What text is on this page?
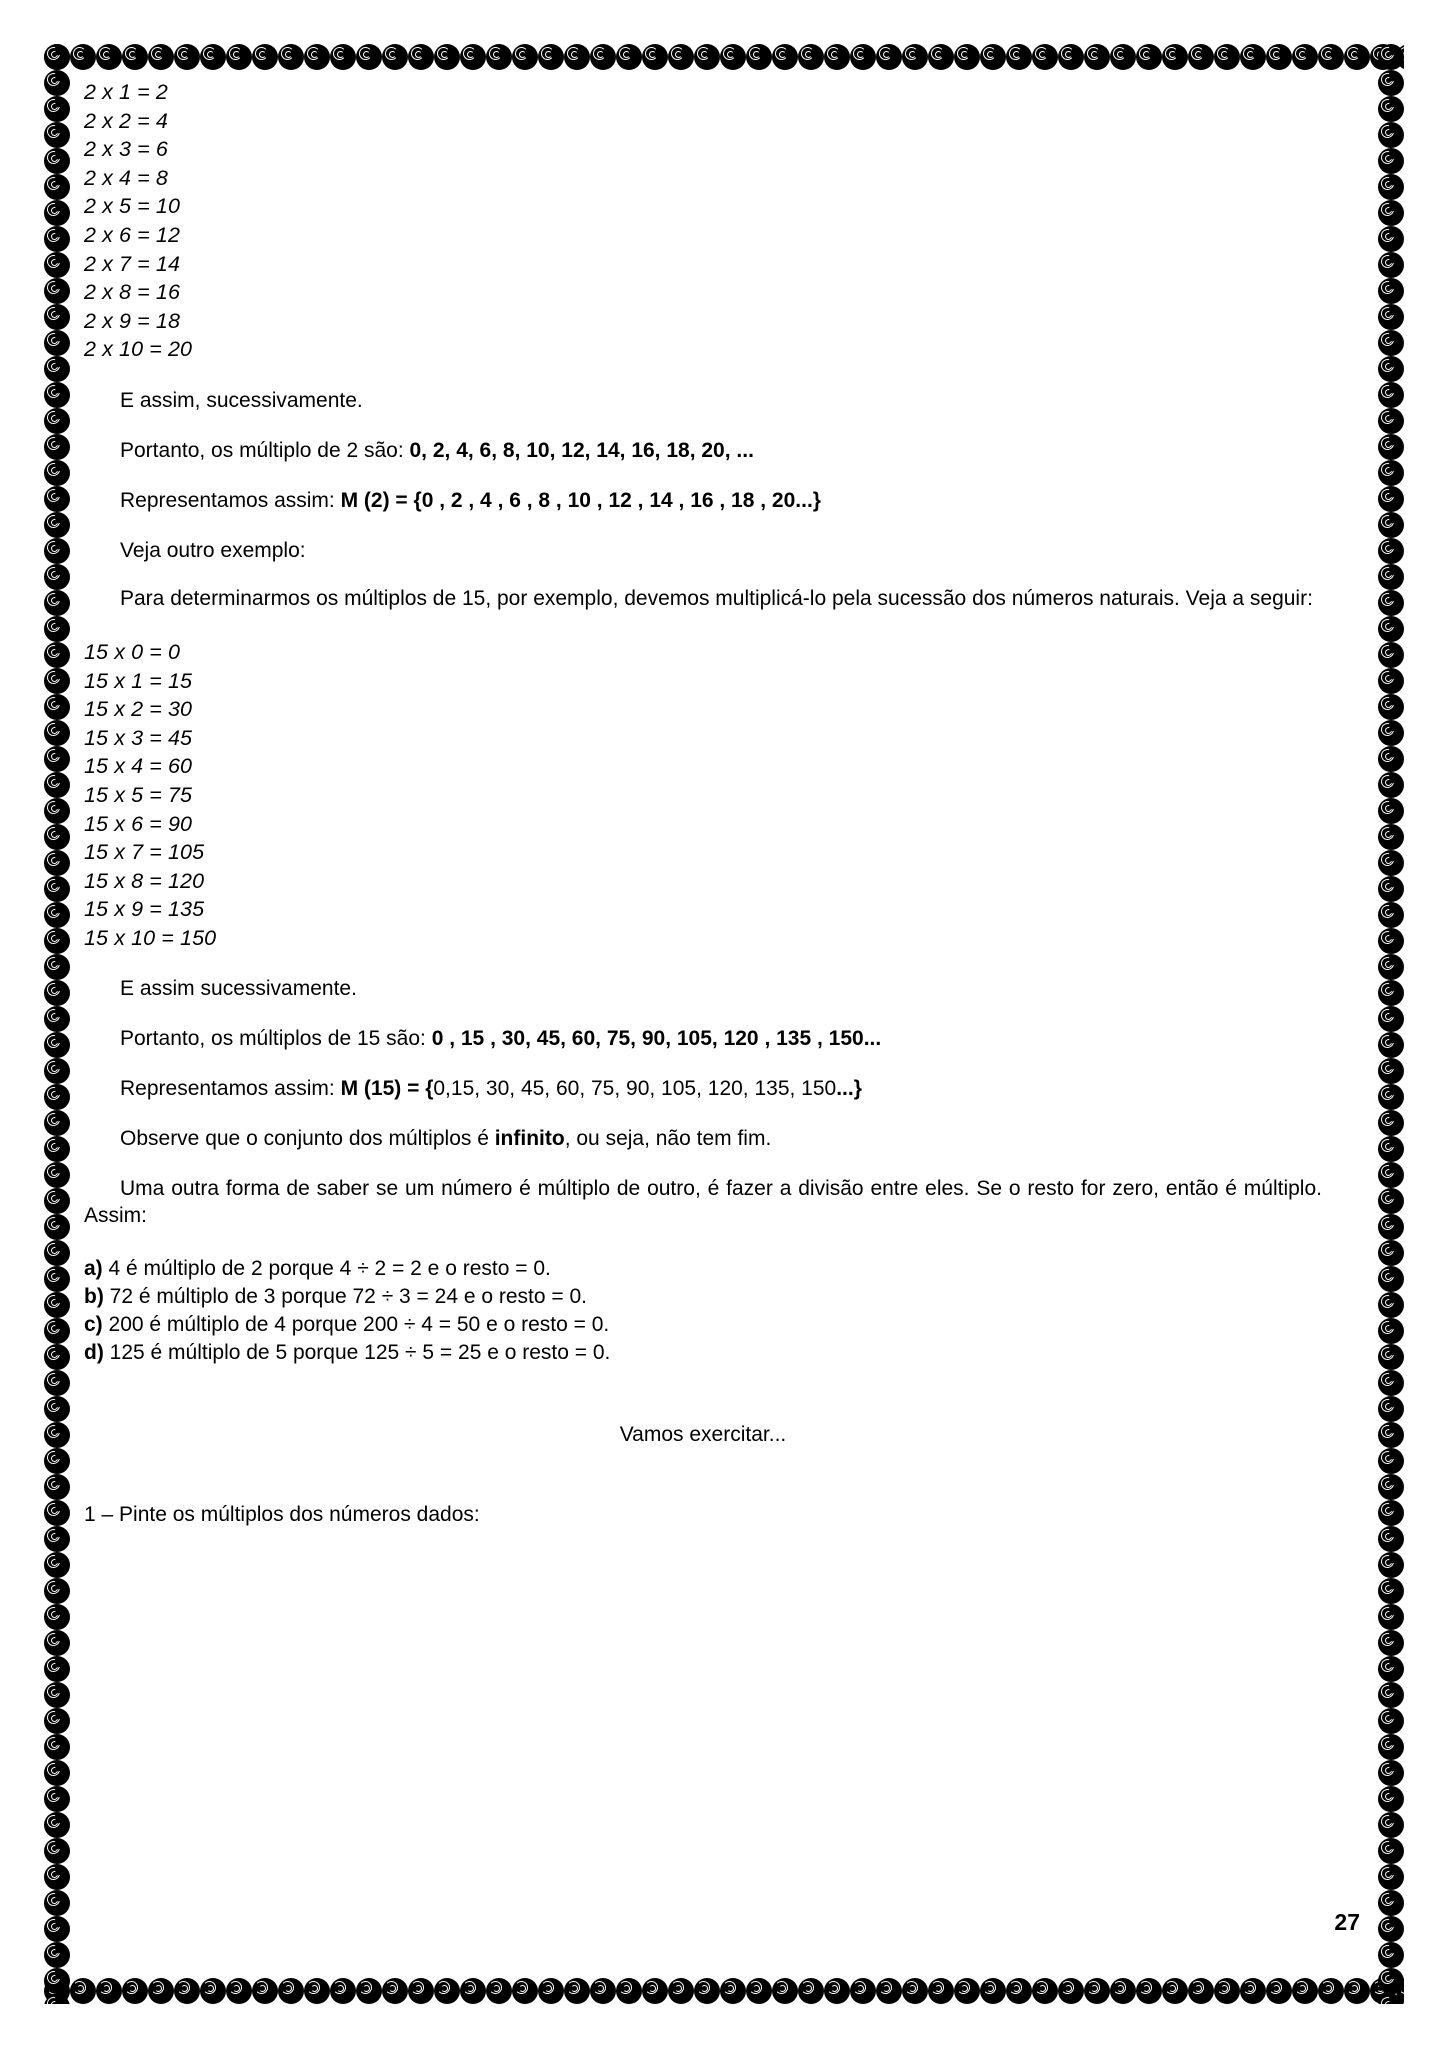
2 x 1 = 2
2 x 2 = 4
2 x 3 = 6
2 x 4 = 8
2 x 5 = 10
2 x 6 = 12
2 x 7 = 14
2 x 8 = 16
2 x 9 = 18
2 x 10 = 20

E assim, sucessivamente.

Portanto, os múltiplo de 2 são: 0, 2, 4, 6, 8, 10, 12, 14, 16, 18, 20, ...

Representamos assim: M (2) = {0 , 2 , 4 , 6 , 8 , 10 , 12 , 14 , 16 , 18 , 20...}

Veja outro exemplo:

Para determinarmos os múltiplos de 15, por exemplo, devemos multiplicá-lo pela sucessão dos números naturais. Veja a seguir:

15 x 0 = 0
15 x 1 = 15
15 x 2 = 30
15 x 3 = 45
15 x 4 = 60
15 x 5 = 75
15 x 6 = 90
15 x 7 = 105
15 x 8 = 120
15 x 9 = 135
15 x 10 = 150

E assim sucessivamente.

Portanto, os múltiplos de 15 são: 0 , 15 , 30, 45, 60, 75, 90, 105, 120 , 135 , 150...

Representamos assim: M (15) = {0,15, 30, 45, 60, 75, 90, 105, 120, 135, 150...}

Observe que o conjunto dos múltiplos é infinito, ou seja, não tem fim.

Uma outra forma de saber se um número é múltiplo de outro, é fazer a divisão entre eles. Se o resto for zero, então é múltiplo. Assim:

a) 4 é múltiplo de 2 porque 4 ÷ 2 = 2 e o resto = 0.
b) 72 é múltiplo de 3 porque 72 ÷ 3 = 24 e o resto = 0.
c) 200 é múltiplo de 4 porque 200 ÷ 4 = 50 e o resto = 0.
d) 125 é múltiplo de 5 porque 125 ÷ 5 = 25 e o resto = 0.

Vamos exercitar...

1 – Pinte os múltiplos dos números dados:

27
